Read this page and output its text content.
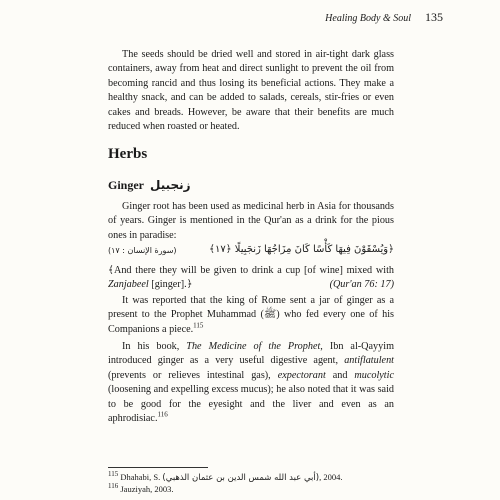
Healing Body & Soul 135

The seeds should be dried well and stored in air-tight dark glass containers, away from heat and direct sunlight to prevent the oil from becoming rancid and thus losing its beneficial actions. They make a healthy snack, and can be added to salads, cereals, stir-fries or even cakes and breads. However, be aware that their benefits are much reduced when roasted or heated.

Herbs
Ginger زنجبيل

Ginger root has been used as medicinal herb in Asia for thousands of years. Ginger is mentioned in the Qur'an as a drink for the pious ones in paradise:

﴿وَيُسْقَوْنَ فِيهَا كَأْسًا كَانَ مِزَاجُهَا زَنجَبِيلًا ﴿١٧﴾
(سورة الإنسان : ١٧)

﴾And there they will be given to drink a cup [of wine] mixed with Zanjabeel [ginger].﴿	(Qur'an 76: 17)

It was reported that the king of Rome sent a jar of ginger as a present to the Prophet Muhammad (ﷺ) who fed every one of his Companions a piece.$^{115}$

In his book, The Medicine of the Prophet, Ibn al-Qayyim introduced ginger as a very useful digestive agent, antiflatulent (prevents or relieves intestinal gas), expectorant and mucolytic (loosening and expelling excess mucus); he also noted that it was said to be good for the eyesight and the liver and even as an aphrodisiac.$^{116}$

$^{115}$ Dhahabi, S. (أبي عبد الله شمس الدين بن عثمان الذهبي), 2004.
$^{116}$ Jauziyah, 2003.
